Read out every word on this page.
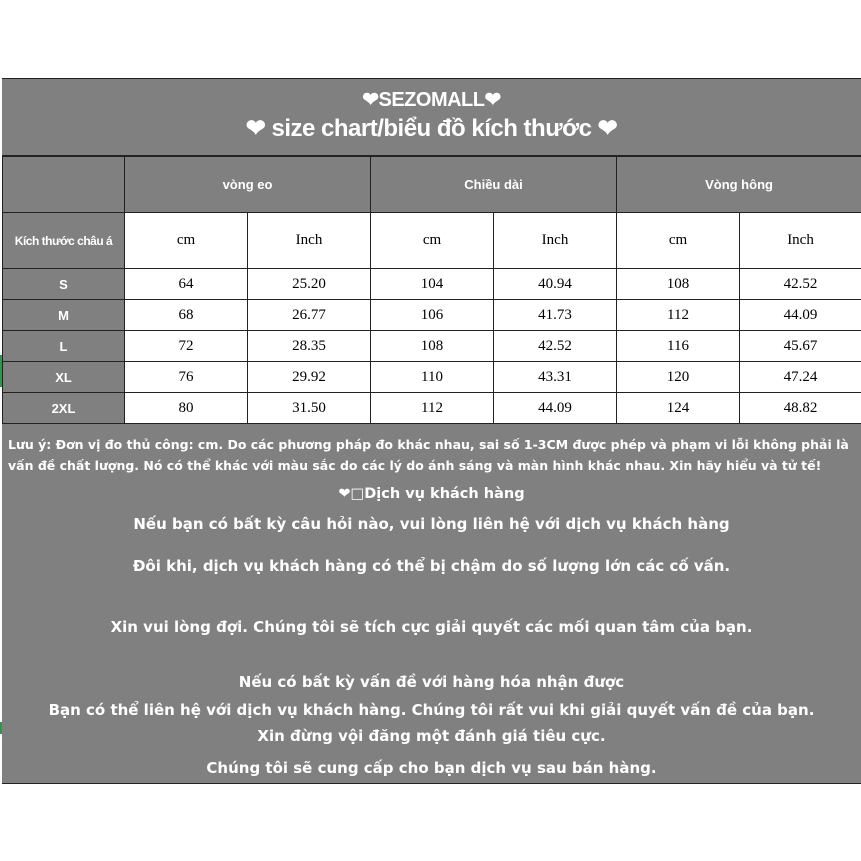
❤SEZOMALL❤
❤ size chart/biểu đồ kích thước ❤
	vòng eo		Chiều dài		Vòng hông	
Kích thước châu á	cm	Inch	cm	Inch	cm	Inch
S	64	25.20	104	40.94	108	42.52
M	68	26.77	106	41.73	112	44.09
L	72	28.35	108	42.52	116	45.67
XL	76	29.92	110	43.31	120	47.24
2XL	80	31.50	112	44.09	124	48.82
Lưu ý: Đơn vị đo thủ công: cm. Do các phương pháp đo khác nhau, sai số 1-3CM được phép và phạm vi lỗi không phải là vấn đề chất lượng. Nó có thể khác với màu sắc do các lý do ánh sáng và màn hình khác nhau. Xin hãy hiểu và tử tế!
❤□Dịch vụ khách hàng
Nếu bạn có bất kỳ câu hỏi nào, vui lòng liên hệ với dịch vụ khách hàng
Đôi khi, dịch vụ khách hàng có thể bị chậm do số lượng lớn các cố vấn.
Xin vui lòng đợi. Chúng tôi sẽ tích cực giải quyết các mối quan tâm của bạn.
Nếu có bất kỳ vấn đề với hàng hóa nhận được
Bạn có thể liên hệ với dịch vụ khách hàng. Chúng tôi rất vui khi giải quyết vấn đề của bạn.
Xin đừng vội đăng một đánh giá tiêu cực.
Chúng tôi sẽ cung cấp cho bạn dịch vụ sau bán hàng.
